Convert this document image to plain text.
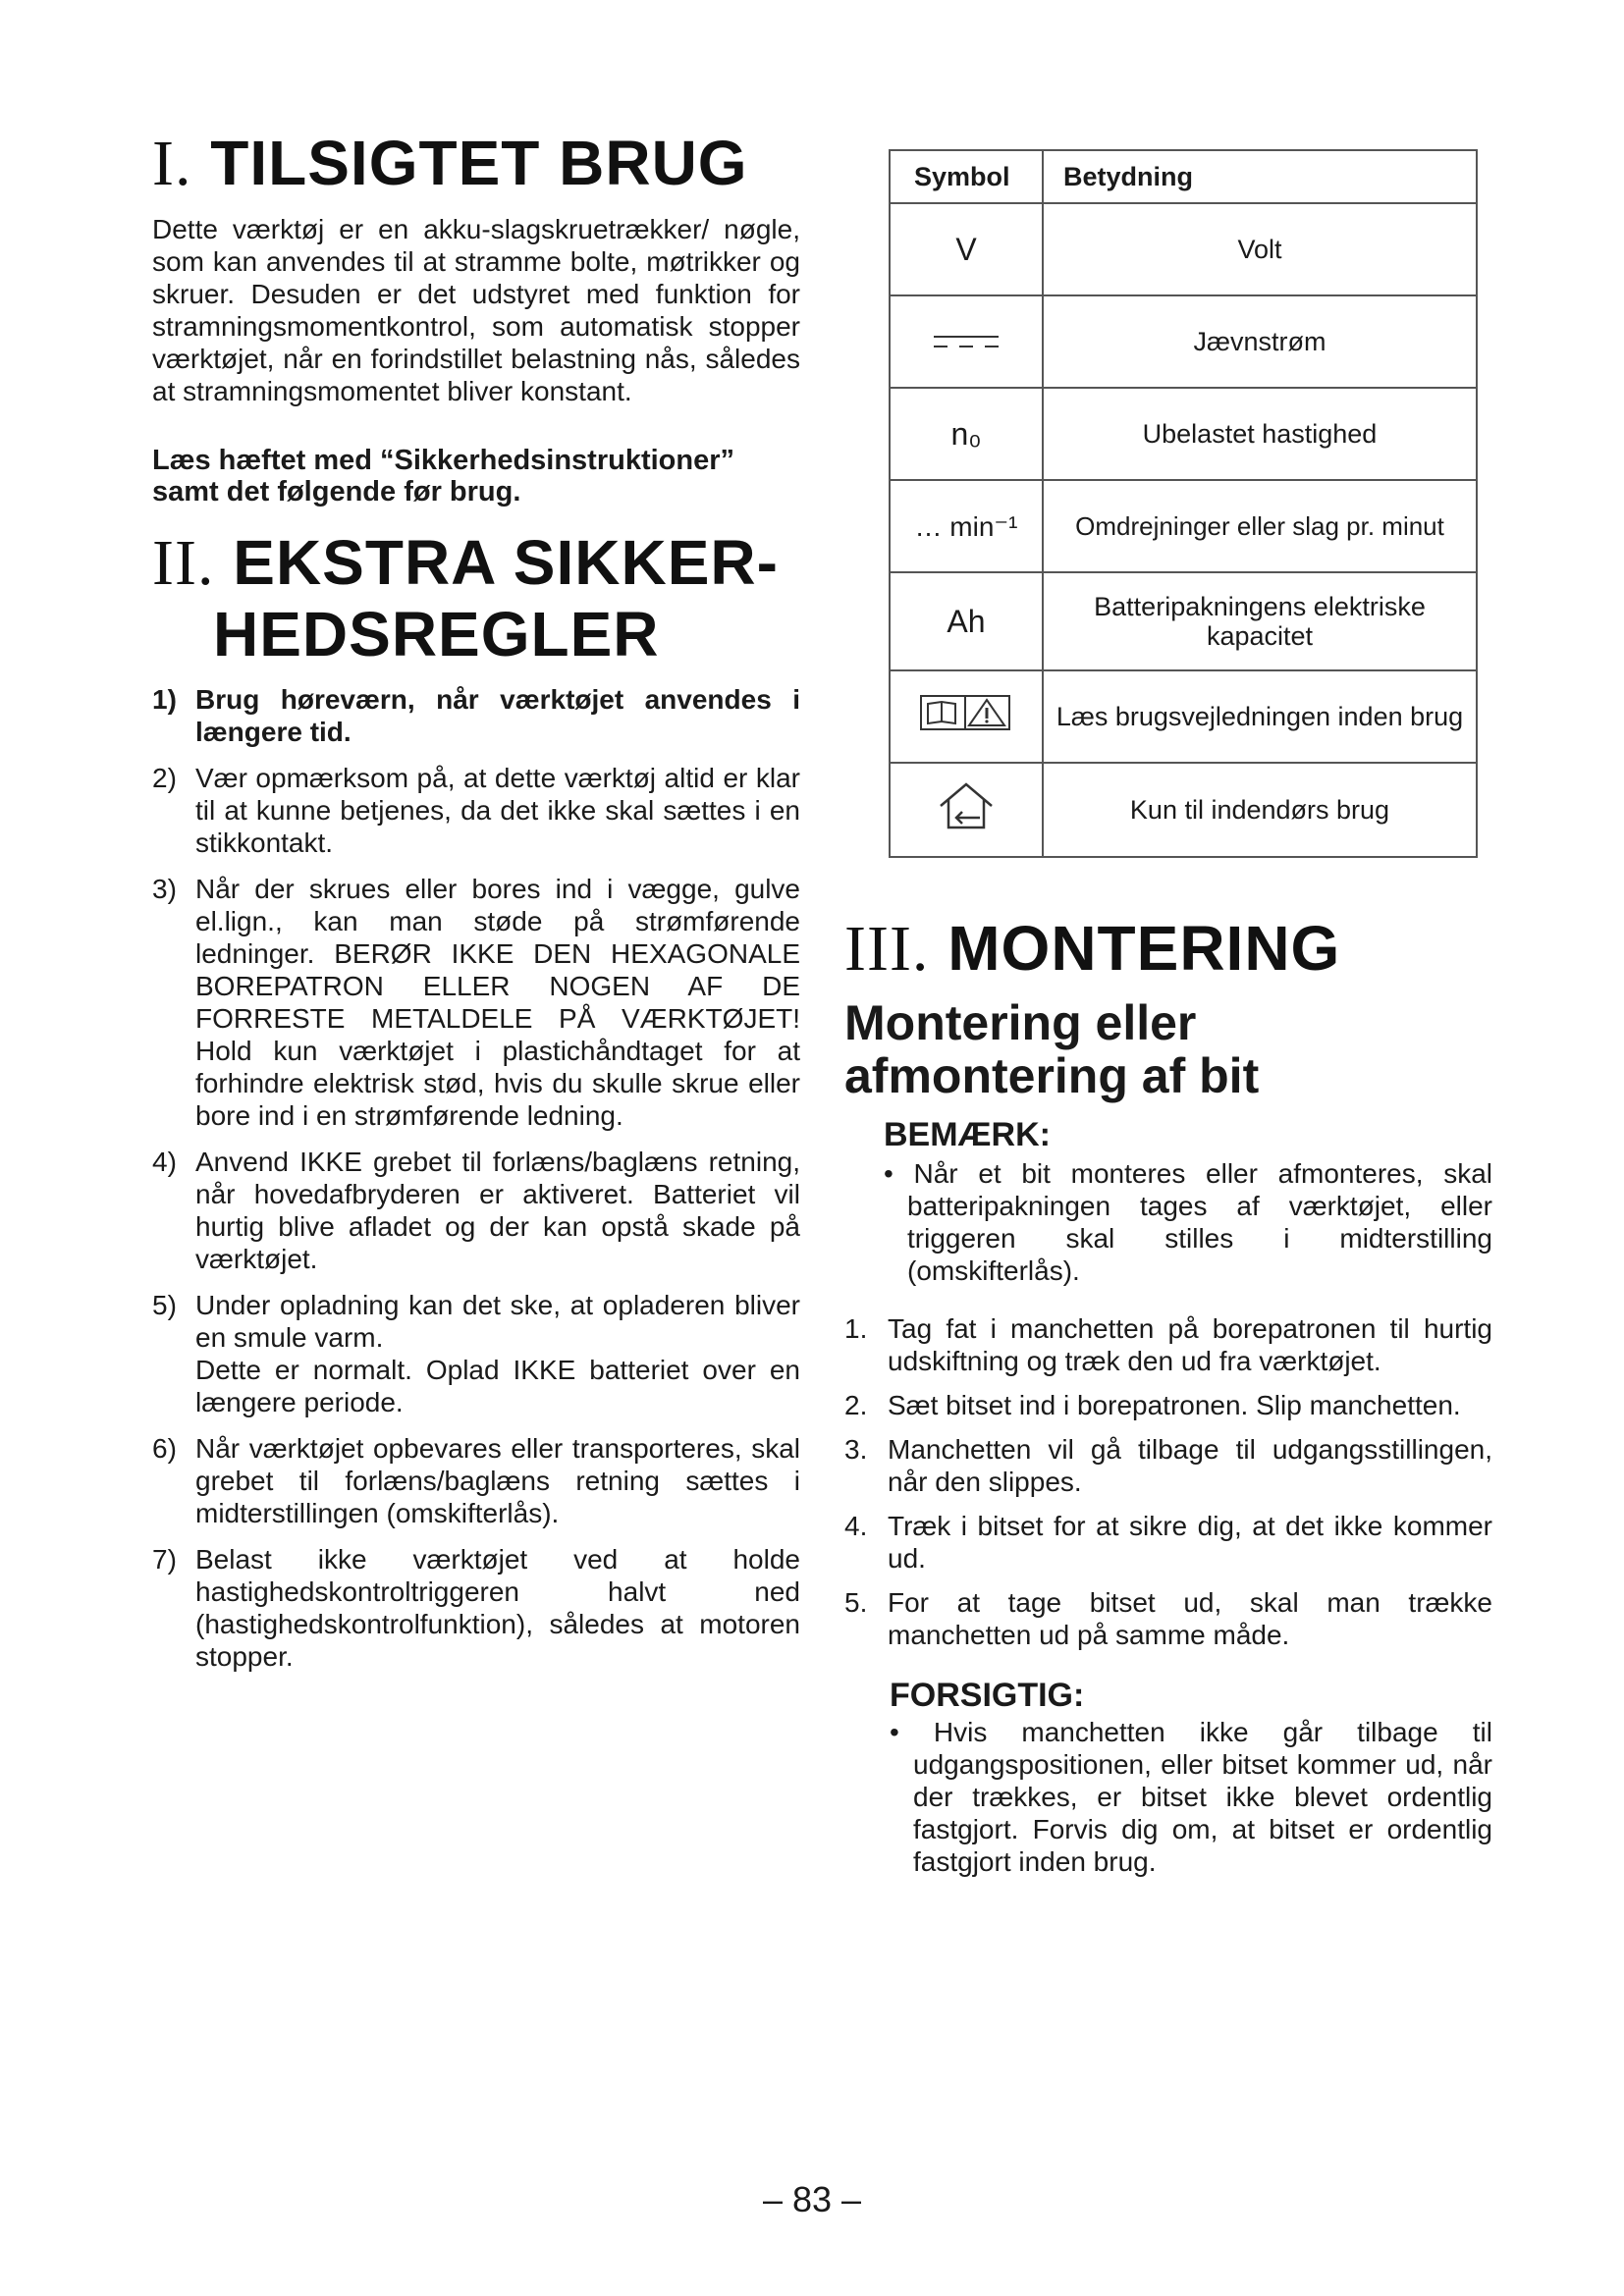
I. TILSIGTET BRUG

Dette værktøj er en akku-slagskruetrækker/ nøgle, som kan anvendes til at stramme bolte, møtrikker og skruer. Desuden er det udstyret med funktion for stramningsmomentkontrol, som automatisk stopper værktøjet, når en forindstillet belastning nås, således at stramningsmomentet bliver konstant.

Læs hæftet med “Sikkerhedsinstruktioner” samt det følgende før brug.

II. EKSTRA SIKKER-
HEDSREGLER
1) Brug høreværn, når værktøjet anvendes i længere tid.
2) Vær opmærksom på, at dette værktøj altid er klar til at kunne betjenes, da det ikke skal sættes i en stikkontakt.
3) Når der skrues eller bores ind i vægge, gulve el.lign., kan man støde på strømførende ledninger. BERØR IKKE DEN HEXAGONALE BOREPATRON ELLER NOGEN AF DE FORRESTE METALDELE PÅ VÆRKTØJET! Hold kun værktøjet i plastichåndtaget for at forhindre elektrisk stød, hvis du skulle skrue eller bore ind i en strømførende ledning.
4) Anvend IKKE grebet til forlæns/baglæns retning, når hovedafbryderen er aktiveret. Batteriet vil hurtig blive afladet og der kan opstå skade på værktøjet.
5) Under opladning kan det ske, at opladeren bliver en smule varm.
Dette er normalt. Oplad IKKE batteriet over en længere periode.
6) Når værktøjet opbevares eller transporteres, skal grebet til forlæns/baglæns retning sættes i midterstillingen (omskifterlås).
7) Belast ikke værktøjet ved at holde hastighedskontroltriggeren halvt ned (hastighedskontrolfunktion), således at motoren stopper.
Symbol	Betydning
V	Volt
	Jævnstrøm
n₀	Ubelastet hastighed
… min⁻¹	Omdrejninger eller slag pr. minut
Ah	Batteripakningens elektriske kapacitet
	Læs brugsvejledningen inden brug
	Kun til indendørs brug
III. MONTERING

Montering eller afmontering af bit

BEMÆRK:

• Når et bit monteres eller afmonteres, skal batteripakningen tages af værktøjet, eller triggeren skal stilles i midterstilling (omskifterlås).

1. Tag fat i manchetten på borepatronen til hurtig udskiftning og træk den ud fra værktøjet.
2. Sæt bitset ind i borepatronen. Slip manchetten.
3. Manchetten vil gå tilbage til udgangsstillingen, når den slippes.
4. Træk i bitset for at sikre dig, at det ikke kommer ud.
5. For at tage bitset ud, skal man trække manchetten ud på samme måde.

FORSIGTIG:

• Hvis manchetten ikke går tilbage til udgangspositionen, eller bitset kommer ud, når der trækkes, er bitset ikke blevet ordentlig fastgjort. Forvis dig om, at bitset er ordentlig fastgjort inden brug.

– 83 –
